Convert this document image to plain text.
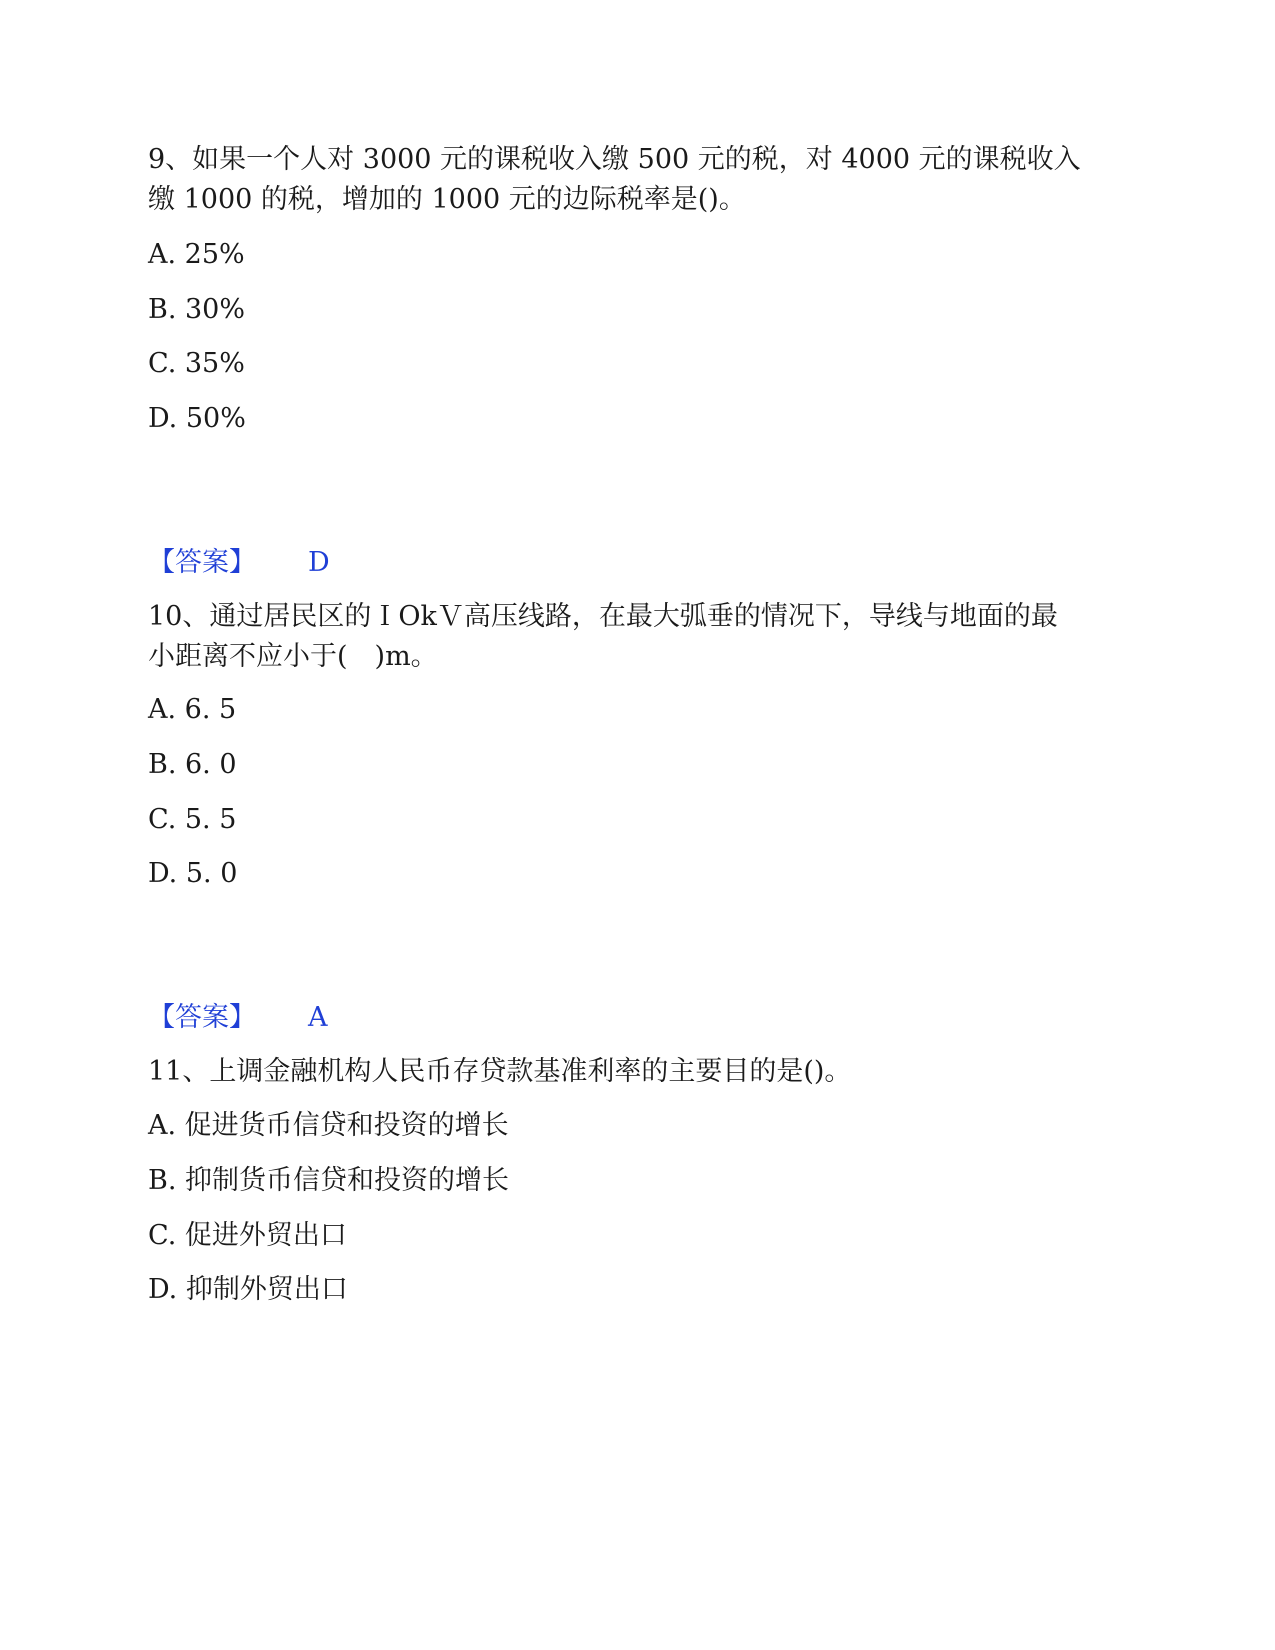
9、如果一个人对 3000 元的课税收入缴 500 元的税，对 4000 元的课税收入
缴 1000 的税，增加的 1000 元的边际税率是()。
A. 25%
B. 30%
C. 35%
D. 50%
【答案】 D
10、通过居民区的ＩOkＶ高压线路，在最大弧垂的情况下，导线与地面的最
小距离不应小于(　)m。
A. 6. 5
B. 6. 0
C. 5. 5
D. 5. 0
【答案】 A
11、上调金融机构人民币存贷款基准利率的主要目的是()。
A. 促进货币信贷和投资的增长
B. 抑制货币信贷和投资的增长
C. 促进外贸出口
D. 抑制外贸出口
